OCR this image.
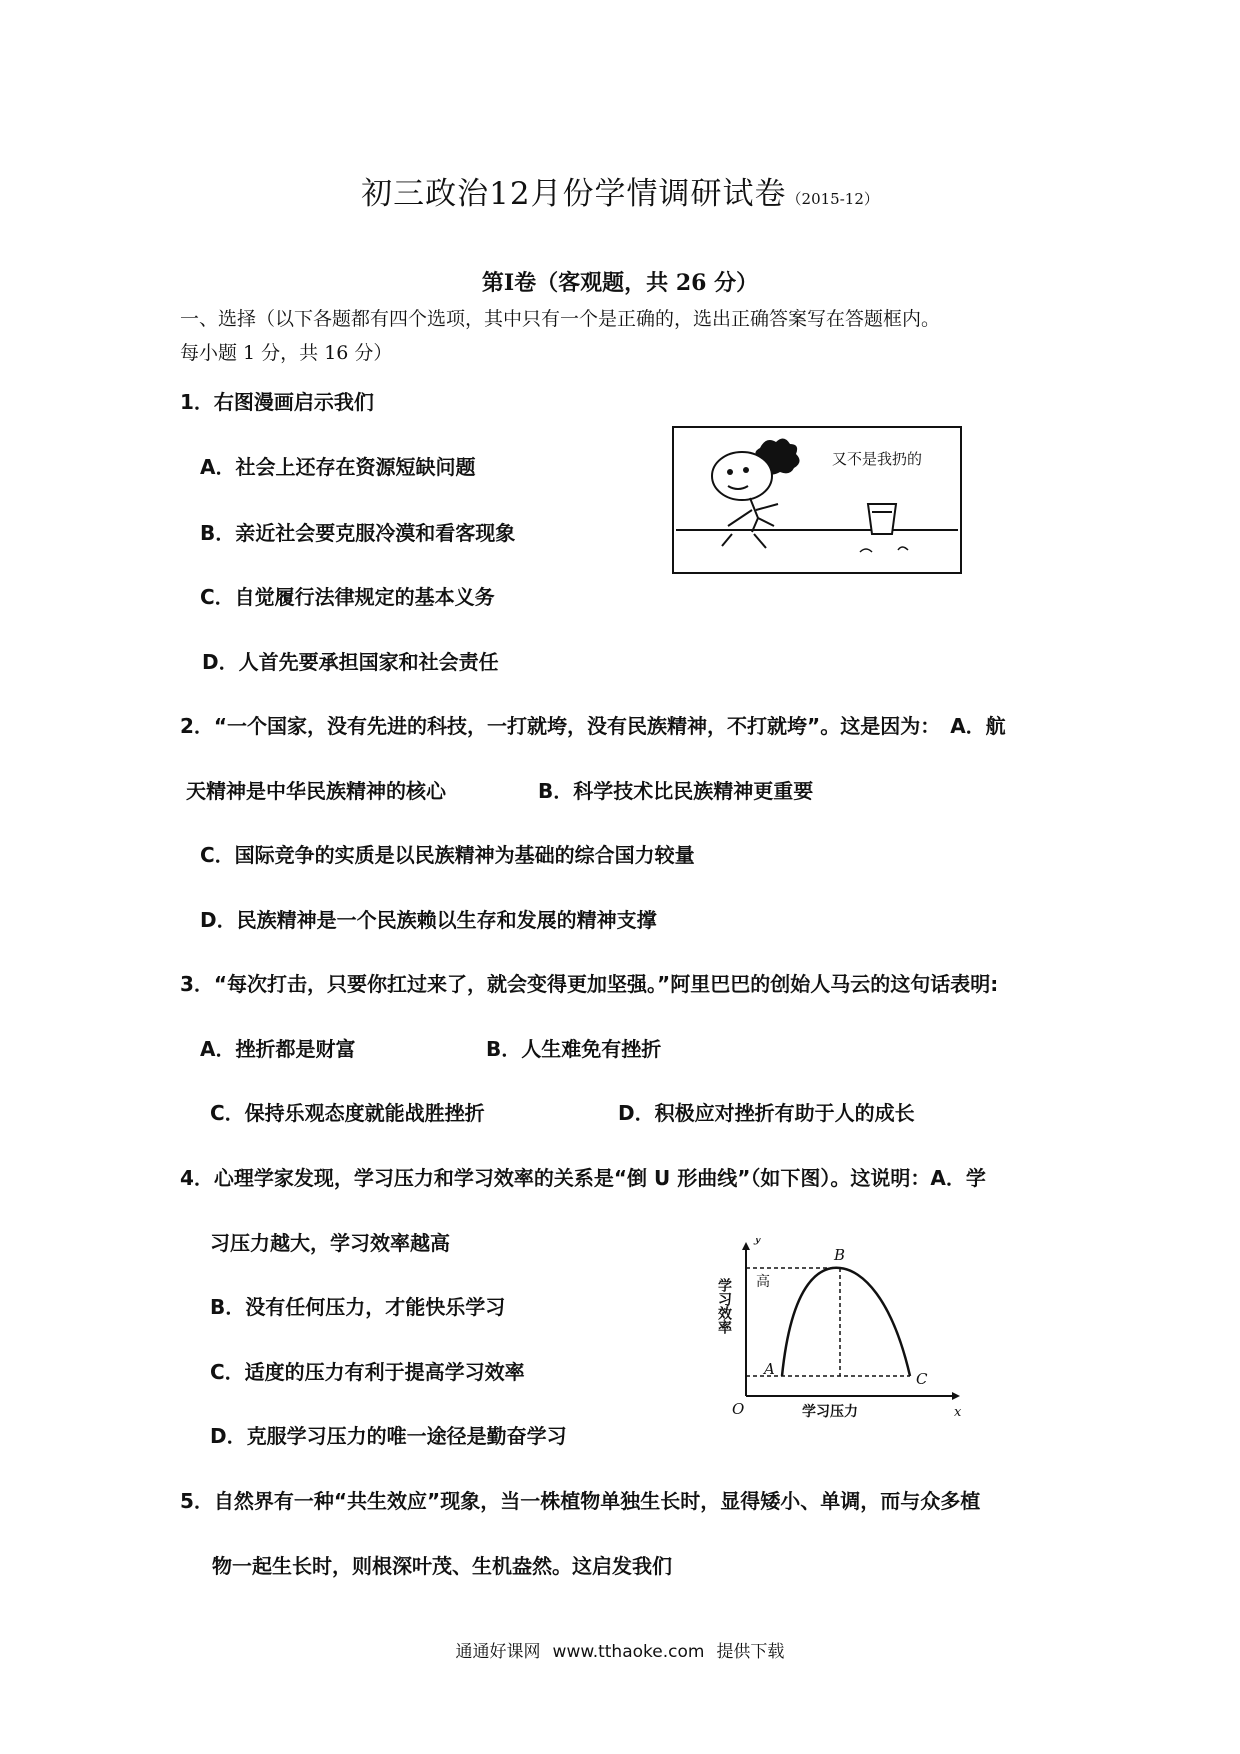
初三政治12月份学情调研试卷（2015-12）
第Ⅰ卷（客观题，共 26 分）
一、选择（以下各题都有四个选项，其中只有一个是正确的，选出正确答案写在答题框内。
每小题 1 分，共 16 分）
1．右图漫画启示我们
A．社会上还存在资源短缺问题
B．亲近社会要克服冷漠和看客现象
C．自觉履行法律规定的基本义务
D．人首先要承担国家和社会责任
又不是我扔的
2．“一个国家，没有先进的科技，一打就垮，没有民族精神，不打就垮”。这是因为：　A．航
天精神是中华民族精神的核心	B．科学技术比民族精神更重要
C．国际竞争的实质是以民族精神为基础的综合国力较量
D．民族精神是一个民族赖以生存和发展的精神支撑
3．“每次打击，只要你扛过来了，就会变得更加坚强。”阿里巴巴的创始人马云的这句话表明:
A．挫折都是财富	B．人生难免有挫折
C．保持乐观态度就能战胜挫折	D．积极应对挫折有助于人的成长
4．心理学家发现，学习压力和学习效率的关系是“倒 U 形曲线”（如下图）。这说明：A．学
习压力越大，学习效率越高
B．没有任何压力，才能快乐学习
C．适度的压力有利于提高学习效率
D．克服学习压力的唯一途径是勤奋学习
y
x
O
高
B
A
C
学习压力
学习效率
5．自然界有一种“共生效应”现象，当一株植物单独生长时，显得矮小、单调，而与众多植
物一起生长时，则根深叶茂、生机盎然。这启发我们
通通好课网 www.tthaoke.com 提供下载
